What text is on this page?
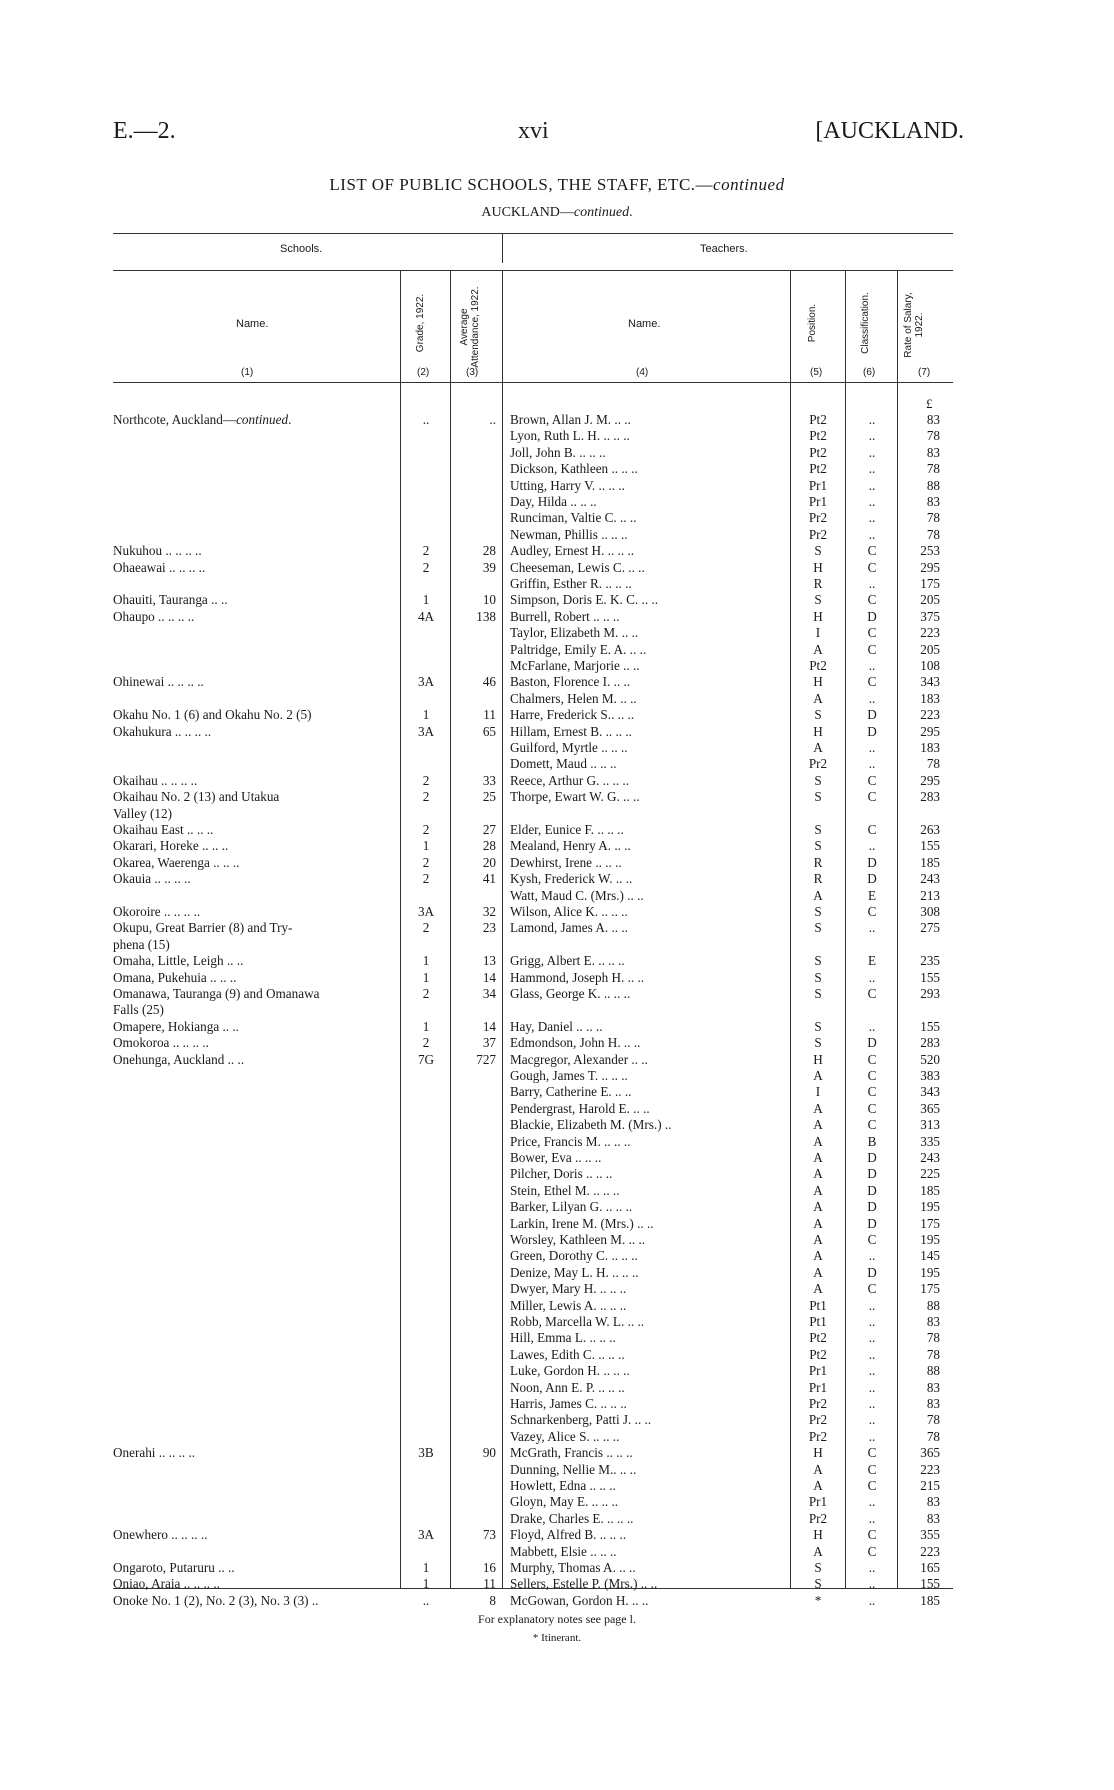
E.—2.	xvi	[AUCKLAND.
LIST OF PUBLIC SCHOOLS, THE STAFF, ETC.—continued
AUCKLAND—continued.
Schools.	Teachers.
Name.	Grade, 1922.	Average Attendance, 1922.	Name.	Position.	Classification.	Rate of Salary, 1922.
(1)	(2)	(3)	(4)	(5)	(6)	(7)
£
Northcote, Auckland—continued.	..	.. Brown, Allan J. M. .. ..	Pt2	..	83
Lyon, Ruth L. H. .. .. ..	Pt2	..	78
Joll, John B. .. .. ..	Pt2	..	83
Dickson, Kathleen .. .. ..	Pt2	..	78
Utting, Harry V. .. .. ..	Pr1	..	88
Day, Hilda .. .. ..	Pr1	..	83
Runciman, Valtie C. .. ..	Pr2	..	78
Newman, Phillis .. .. ..	Pr2	..	78
Nukuhou .. .. .. ..	2	28 Audley, Ernest H. .. .. ..	S	C	253
Ohaeawai .. .. .. ..	2	39 Cheeseman, Lewis C. .. ..	H	C	295
Griffin, Esther R. .. .. ..	R	..	175
Ohauiti, Tauranga .. ..	1	10 Simpson, Doris E. K. C. .. ..	S	C	205
Ohaupo .. .. .. ..	4A	138 Burrell, Robert .. .. ..	H	D	375
Taylor, Elizabeth M. .. ..	I	C	223
Paltridge, Emily E. A. .. ..	A	C	205
McFarlane, Marjorie .. ..	Pt2	..	108
Ohinewai .. .. .. ..	3A	46 Baston, Florence I. .. ..	H	C	343
Chalmers, Helen M. .. ..	A	..	183
Okahu No. 1 (6) and Okahu No. 2 (5)	1	11 Harre, Frederick S.. .. ..	S	D	223
Okahukura .. .. .. ..	3A	65 Hillam, Ernest B. .. .. ..	H	D	295
Guilford, Myrtle .. .. ..	A	..	183
Domett, Maud .. .. ..	Pr2	..	78
Okaihau .. .. .. ..	2	33 Reece, Arthur G. .. .. ..	S	C	295
Okaihau No. 2 (13) and Utakua	2	25 Thorpe, Ewart W. G. .. ..	S	C	283
Valley (12)
Okaihau East .. .. ..	2	27 Elder, Eunice F. .. .. ..	S	C	263
Okarari, Horeke .. .. ..	1	28 Mealand, Henry A. .. ..	S	..	155
Okarea, Waerenga .. .. ..	2	20 Dewhirst, Irene .. .. ..	R	D	185
Okauia .. .. .. ..	2	41 Kysh, Frederick W. .. ..	R	D	243
Watt, Maud C. (Mrs.) .. ..	A	E	213
Okoroire .. .. .. ..	3A	32 Wilson, Alice K. .. .. ..	S	C	308
Okupu, Great Barrier (8) and Try-	2	23 Lamond, James A. .. ..	S	..	275
phena (15)
Omaha, Little, Leigh .. ..	1	13 Grigg, Albert E. .. .. ..	S	E	235
Omana, Pukehuia .. .. ..	1	14 Hammond, Joseph H. .. ..	S	..	155
Omanawa, Tauranga (9) and Omanawa	2	34 Glass, George K. .. .. ..	S	C	293
Falls (25)
Omapere, Hokianga .. ..	1	14 Hay, Daniel .. .. ..	S	..	155
Omokoroa .. .. .. ..	2	37 Edmondson, John H. .. ..	S	D	283
Onehunga, Auckland .. ..	7G	727 Macgregor, Alexander .. ..	H	C	520
Gough, James T. .. .. ..	A	C	383
Barry, Catherine E. .. ..	I	C	343
Pendergrast, Harold E. .. ..	A	C	365
Blackie, Elizabeth M. (Mrs.) ..	A	C	313
Price, Francis M. .. .. ..	A	B	335
Bower, Eva .. .. ..	A	D	243
Pilcher, Doris .. .. ..	A	D	225
Stein, Ethel M. .. .. ..	A	D	185
Barker, Lilyan G. .. .. ..	A	D	195
Larkin, Irene M. (Mrs.) .. ..	A	D	175
Worsley, Kathleen M. .. ..	A	C	195
Green, Dorothy C. .. .. ..	A	..	145
Denize, May L. H. .. .. ..	A	D	195
Dwyer, Mary H. .. .. ..	A	C	175
Miller, Lewis A. .. .. ..	Pt1	..	88
Robb, Marcella W. L. .. ..	Pt1	..	83
Hill, Emma L. .. .. ..	Pt2	..	78
Lawes, Edith C. .. .. ..	Pt2	..	78
Luke, Gordon H. .. .. ..	Pr1	..	88
Noon, Ann E. P. .. .. ..	Pr1	..	83
Harris, James C. .. .. ..	Pr2	..	83
Schnarkenberg, Patti J. .. ..	Pr2	..	78
Vazey, Alice S. .. .. ..	Pr2	..	78
Onerahi .. .. .. ..	3B	90 McGrath, Francis .. .. ..	H	C	365
Dunning, Nellie M.. .. ..	A	C	223
Howlett, Edna .. .. ..	A	C	215
Gloyn, May E. .. .. ..	Pr1	..	83
Drake, Charles E. .. .. ..	Pr2	..	83
Onewhero .. .. .. ..	3A	73 Floyd, Alfred B. .. .. ..	H	C	355
Mabbett, Elsie .. .. ..	A	C	223
Ongaroto, Putaruru .. ..	1	16 Murphy, Thomas A. .. ..	S	..	165
Oniao, Araia .. .. .. ..	1	11 Sellers, Estelle P. (Mrs.) .. ..	S	..	155
Onoke No. 1 (2), No. 2 (3), No. 3 (3) ..	..	8 McGowan, Gordon H. .. ..	*	..	185
For explanatory notes see page l.
* Itinerant.
